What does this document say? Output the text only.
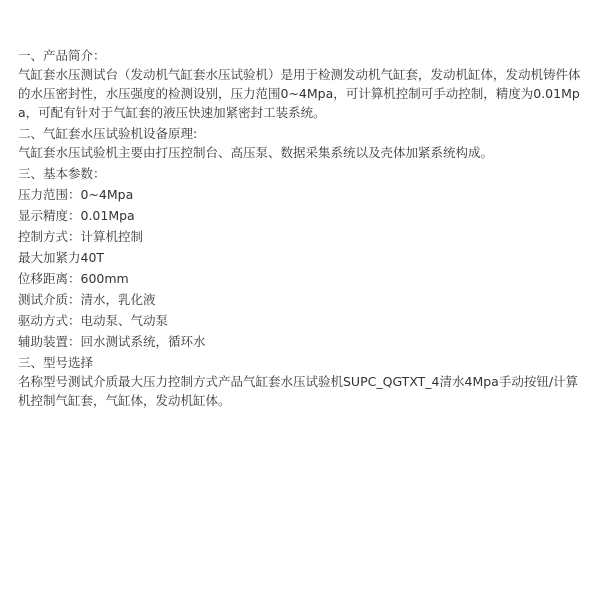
一、产品简介：

气缸套水压测试台（发动机气缸套水压试验机）是用于检测发动机气缸套，发动机缸体，发动机铸件体的水压密封性，水压强度的检测设别，压力范围0~4Mpa，可计算机控制可手动控制，精度为0.01Mpa，可配有针对于气缸套的液压快速加紧密封工装系统。

二、气缸套水压试验机设备原理:

气缸套水压试验机主要由打压控制台、高压泵、数据采集系统以及壳体加紧系统构成。

三、基本参数：

压力范围：0~4Mpa

显示精度：0.01Mpa

控制方式：计算机控制

最大加紧力40T

位移距离：600mm

测试介质：清水，乳化液

驱动方式：电动泵、气动泵

辅助装置：回水测试系统，循环水

三、型号选择

名称型号测试介质最大压力控制方式产品气缸套水压试验机SUPC_QGTXT_4清水4Mpa手动按钮/计算机控制气缸套，气缸体，发动机缸体。
